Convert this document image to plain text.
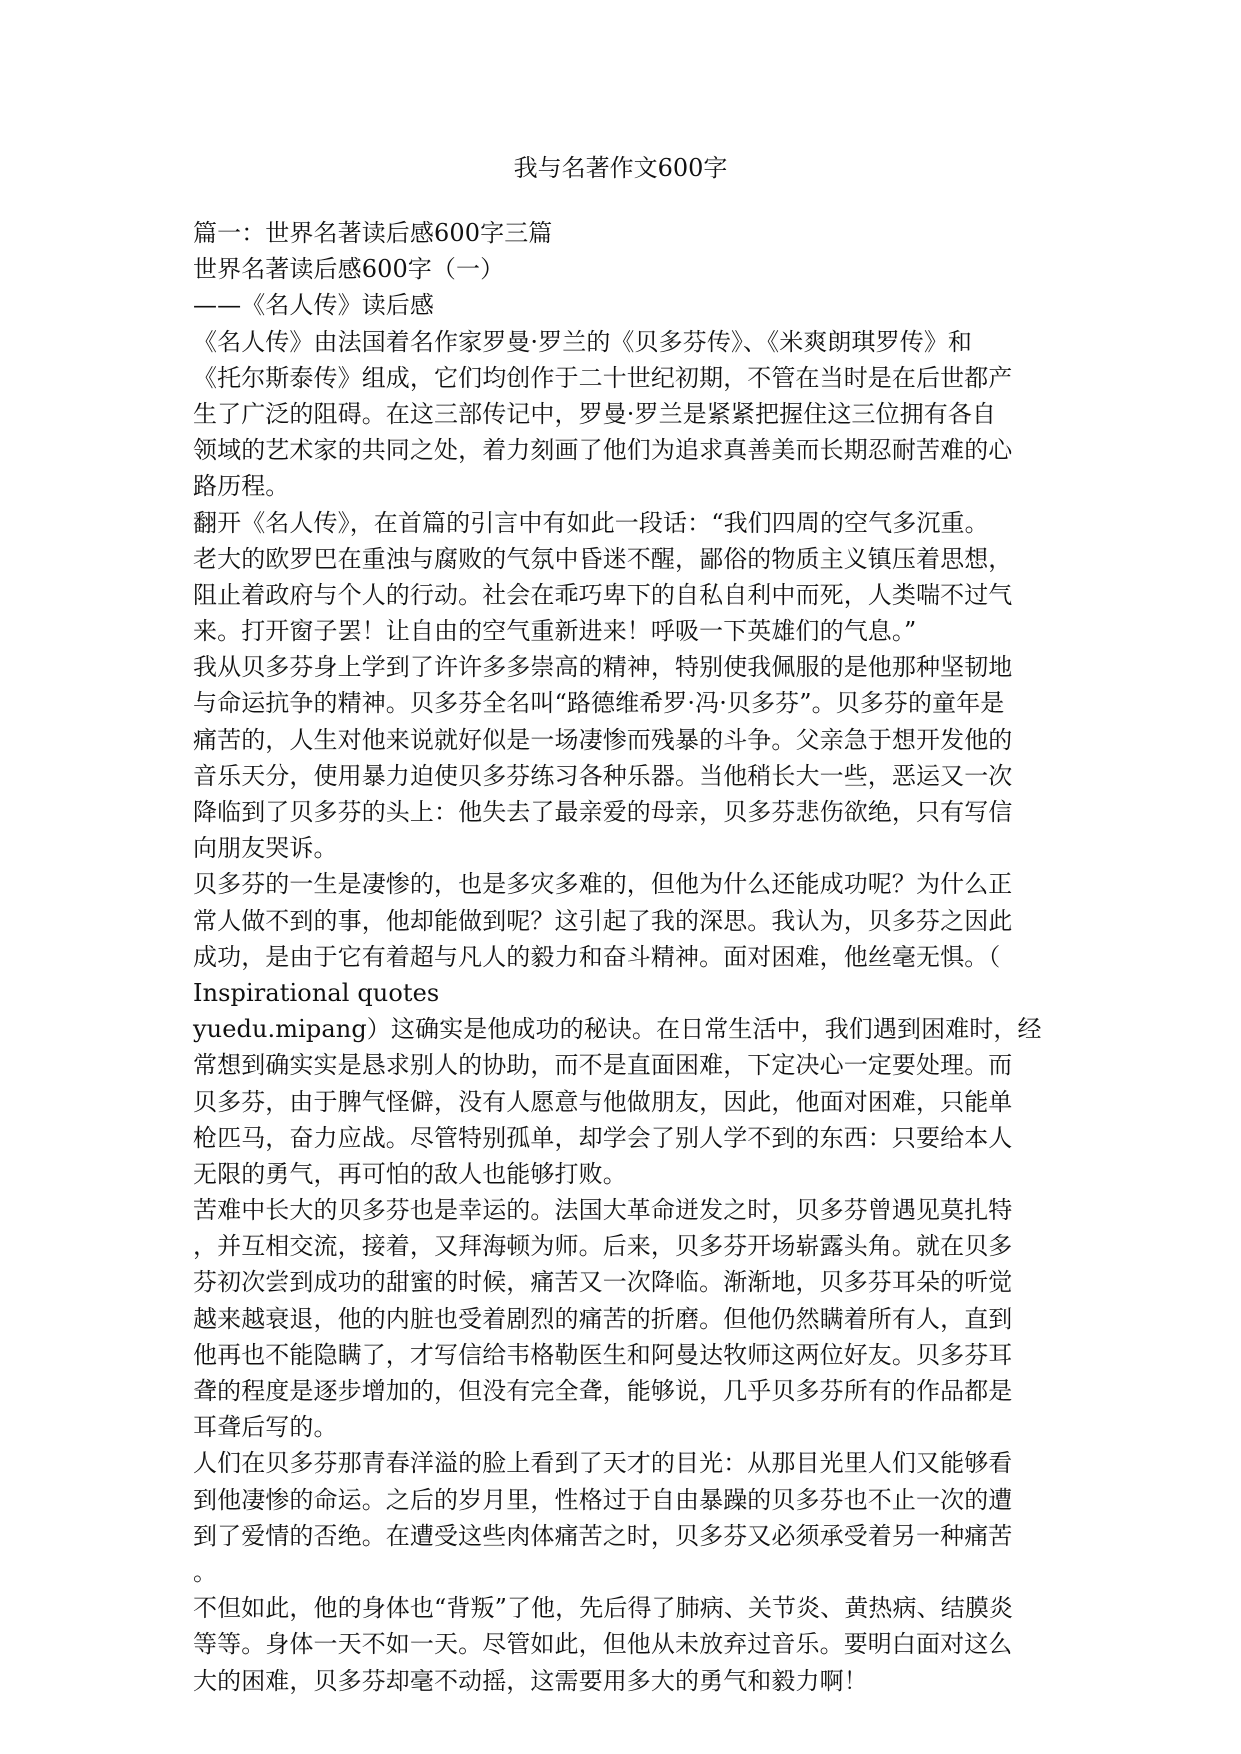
我与名著作文600字
篇一：世界名著读后感600字三篇
世界名著读后感600字（一）
——《名人传》读后感
《名人传》由法国着名作家罗曼·罗兰的《贝多芬传》、《米爽朗琪罗传》和
《托尔斯泰传》组成，它们均创作于二十世纪初期，不管在当时是在后世都产
生了广泛的阻碍。在这三部传记中，罗曼·罗兰是紧紧把握住这三位拥有各自
领域的艺术家的共同之处，着力刻画了他们为追求真善美而长期忍耐苦难的心
路历程。
翻开《名人传》，在首篇的引言中有如此一段话：“我们四周的空气多沉重。
老大的欧罗巴在重浊与腐败的气氛中昏迷不醒，鄙俗的物质主义镇压着思想，
阻止着政府与个人的行动。社会在乖巧卑下的自私自利中而死，人类喘不过气
来。打开窗子罢！让自由的空气重新进来！呼吸一下英雄们的气息。”
我从贝多芬身上学到了许许多多崇高的精神，特别使我佩服的是他那种坚韧地
与命运抗争的精神。贝多芬全名叫“路德维希罗·冯·贝多芬”。贝多芬的童年是
痛苦的，人生对他来说就好似是一场凄惨而残暴的斗争。父亲急于想开发他的
音乐天分，使用暴力迫使贝多芬练习各种乐器。当他稍长大一些，恶运又一次
降临到了贝多芬的头上：他失去了最亲爱的母亲，贝多芬悲伤欲绝，只有写信
向朋友哭诉。
贝多芬的一生是凄惨的，也是多灾多难的，但他为什么还能成功呢？为什么正
常人做不到的事，他却能做到呢？这引起了我的深思。我认为，贝多芬之因此
成功，是由于它有着超与凡人的毅力和奋斗精神。面对困难，他丝毫无惧。（
Inspirational quotes
yuedu.mipang）这确实是他成功的秘诀。在日常生活中，我们遇到困难时，经
常想到确实实是恳求别人的协助，而不是直面困难，下定决心一定要处理。而
贝多芬，由于脾气怪僻，没有人愿意与他做朋友，因此，他面对困难，只能单
枪匹马，奋力应战。尽管特别孤单，却学会了别人学不到的东西：只要给本人
无限的勇气，再可怕的敌人也能够打败。
苦难中长大的贝多芬也是幸运的。法国大革命迸发之时，贝多芬曾遇见莫扎特
，并互相交流，接着，又拜海顿为师。后来，贝多芬开场崭露头角。就在贝多
芬初次尝到成功的甜蜜的时候，痛苦又一次降临。渐渐地，贝多芬耳朵的听觉
越来越衰退，他的内脏也受着剧烈的痛苦的折磨。但他仍然瞒着所有人，直到
他再也不能隐瞒了，才写信给韦格勒医生和阿曼达牧师这两位好友。贝多芬耳
聋的程度是逐步增加的，但没有完全聋，能够说，几乎贝多芬所有的作品都是
耳聋后写的。
人们在贝多芬那青春洋溢的脸上看到了天才的目光：从那目光里人们又能够看
到他凄惨的命运。之后的岁月里，性格过于自由暴躁的贝多芬也不止一次的遭
到了爱情的否绝。在遭受这些肉体痛苦之时，贝多芬又必须承受着另一种痛苦
。
不但如此，他的身体也“背叛”了他，先后得了肺病、关节炎、黄热病、结膜炎
等等。身体一天不如一天。尽管如此，但他从未放弃过音乐。要明白面对这么
大的困难，贝多芬却毫不动摇，这需要用多大的勇气和毅力啊！
